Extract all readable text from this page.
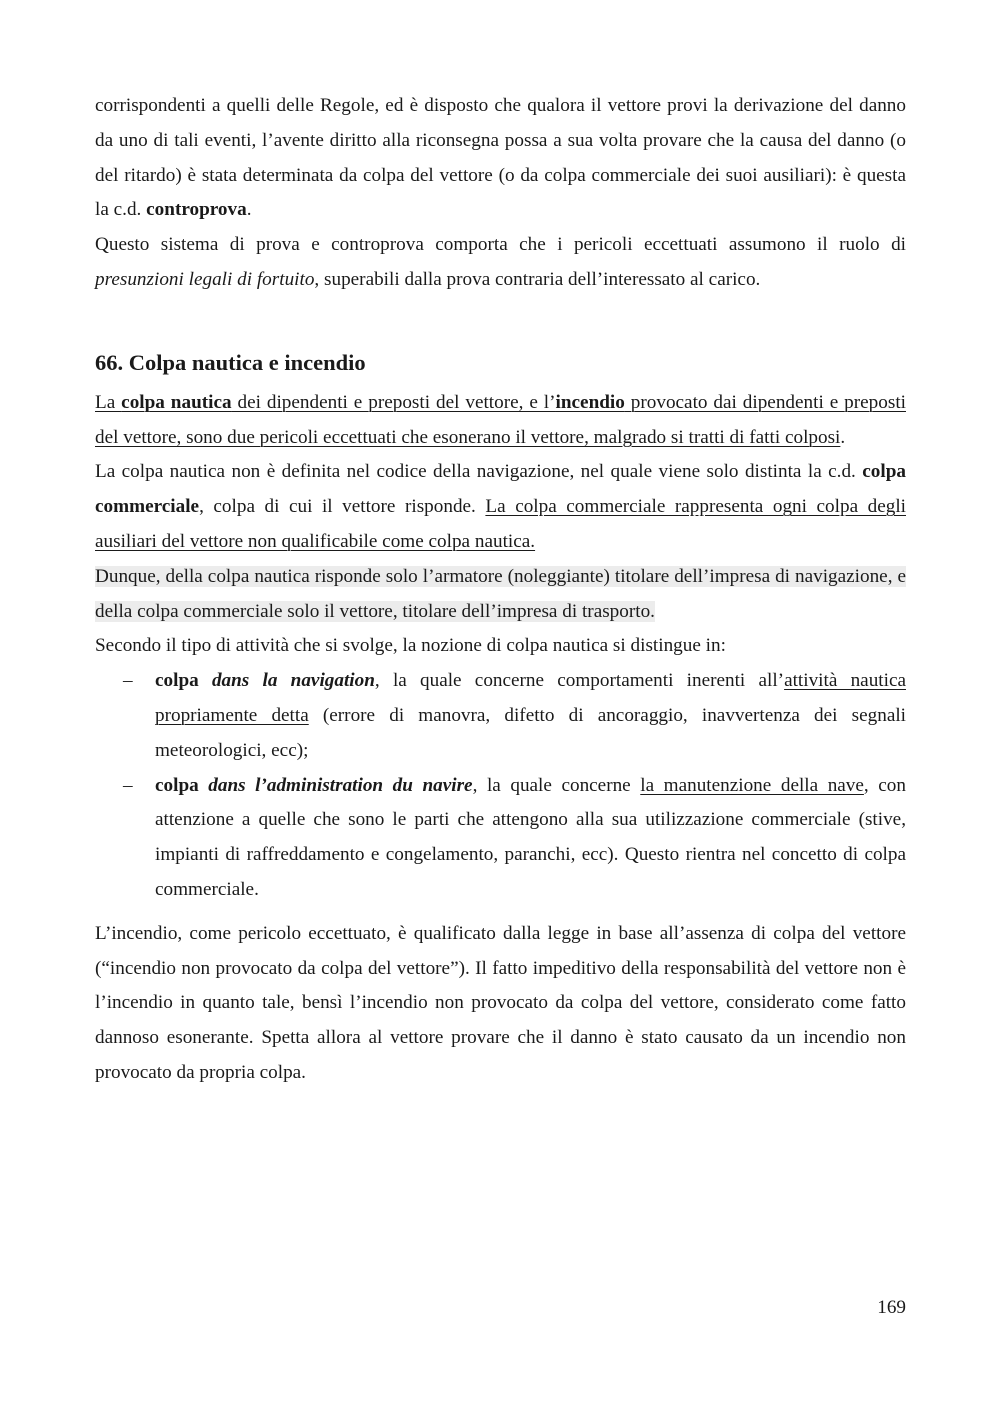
corrispondenti a quelli delle Regole, ed è disposto che qualora il vettore provi la derivazione del danno da uno di tali eventi, l’avente diritto alla riconsegna possa a sua volta provare che la causa del danno (o del ritardo) è stata determinata da colpa del vettore (o da colpa commerciale dei suoi ausiliari): è questa la c.d. controprova.

Questo sistema di prova e controprova comporta che i pericoli eccettuati assumono il ruolo di presunzioni legali di fortuito, superabili dalla prova contraria dell’interessato al carico.

66. Colpa nautica e incendio

La colpa nautica dei dipendenti e preposti del vettore, e l’incendio provocato dai dipendenti e preposti del vettore, sono due pericoli eccettuati che esonerano il vettore, malgrado si tratti di fatti colposi.

La colpa nautica non è definita nel codice della navigazione, nel quale viene solo distinta la c.d. colpa commerciale, colpa di cui il vettore risponde. La colpa commerciale rappresenta ogni colpa degli ausiliari del vettore non qualificabile come colpa nautica.

Dunque, della colpa nautica risponde solo l’armatore (noleggiante) titolare dell’impresa di navigazione, e della colpa commerciale solo il vettore, titolare dell’impresa di trasporto.

Secondo il tipo di attività che si svolge, la nozione di colpa nautica si distingue in:

– colpa dans la navigation, la quale concerne comportamenti inerenti all’attività nautica propriamente detta (errore di manovra, difetto di ancoraggio, inavvertenza dei segnali meteorologici, ecc);
– colpa dans l’administration du navire, la quale concerne la manutenzione della nave, con attenzione a quelle che sono le parti che attengono alla sua utilizzazione commerciale (stive, impianti di raffreddamento e congelamento, paranchi, ecc). Questo rientra nel concetto di colpa commerciale.

L’incendio, come pericolo eccettuato, è qualificato dalla legge in base all’assenza di colpa del vettore (“incendio non provocato da colpa del vettore”). Il fatto impeditivo della responsabilità del vettore non è l’incendio in quanto tale, bensì l’incendio non provocato da colpa del vettore, considerato come fatto dannoso esonerante. Spetta allora al vettore provare che il danno è stato causato da un incendio non provocato da propria colpa.

169
